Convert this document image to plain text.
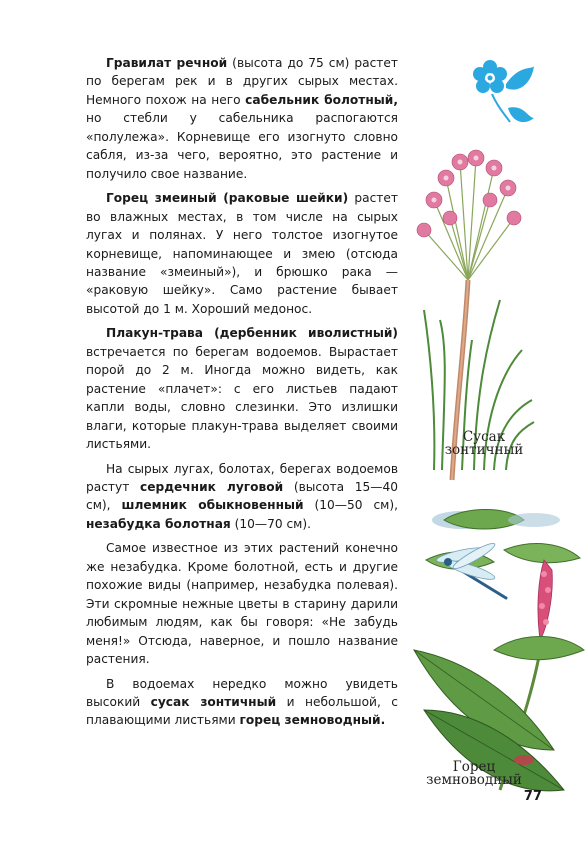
Гравилат речной (высота до 75 см) растет по берегам рек и в других сырых местах. Немного похож на него сабельник болотный, но стебли у сабельника распогаются «полулежа». Корневище его изогнуто словно сабля, из-за чего, вероятно, это растение и получило свое название.

Горец змеиный (раковые шейки) растет во влажных местах, в том числе на сырых лугах и полянах. У него толстое изогнутое корневище, напоминающее и змею (отсюда название «змеиный»), и брюшко рака — «раковую шейку». Само растение бывает высотой до 1 м. Хороший медонос.

Плакун-трава (дербенник иволистный) встречается по берегам водоемов. Вырастает порой до 2 м. Иногда можно видеть, как растение «плачет»: с его листьев падают капли воды, словно слезинки. Это излишки влаги, которые плакун-трава выделяет своими листьями.

На сырых лугах, болотах, берегах водоемов растут сердечник луговой (высота 15—40 см), шлемник обыкновенный (10—50 см), незабудка болотная (10—70 см).

Самое известное из этих растений конечно же незабудка. Кроме болотной, есть и другие похожие виды (например, незабудка полевая). Эти скромные нежные цветы в старину дарили любимым людям, как бы говоря: «Не забудь меня!» Отсюда, наверное, и пошло название растения.

В водоемах нередко можно увидеть высокий сусак зонтичный и небольшой, с плавающими листьями горец земноводный.

Сусак зонтичный
Горец земноводный
77
